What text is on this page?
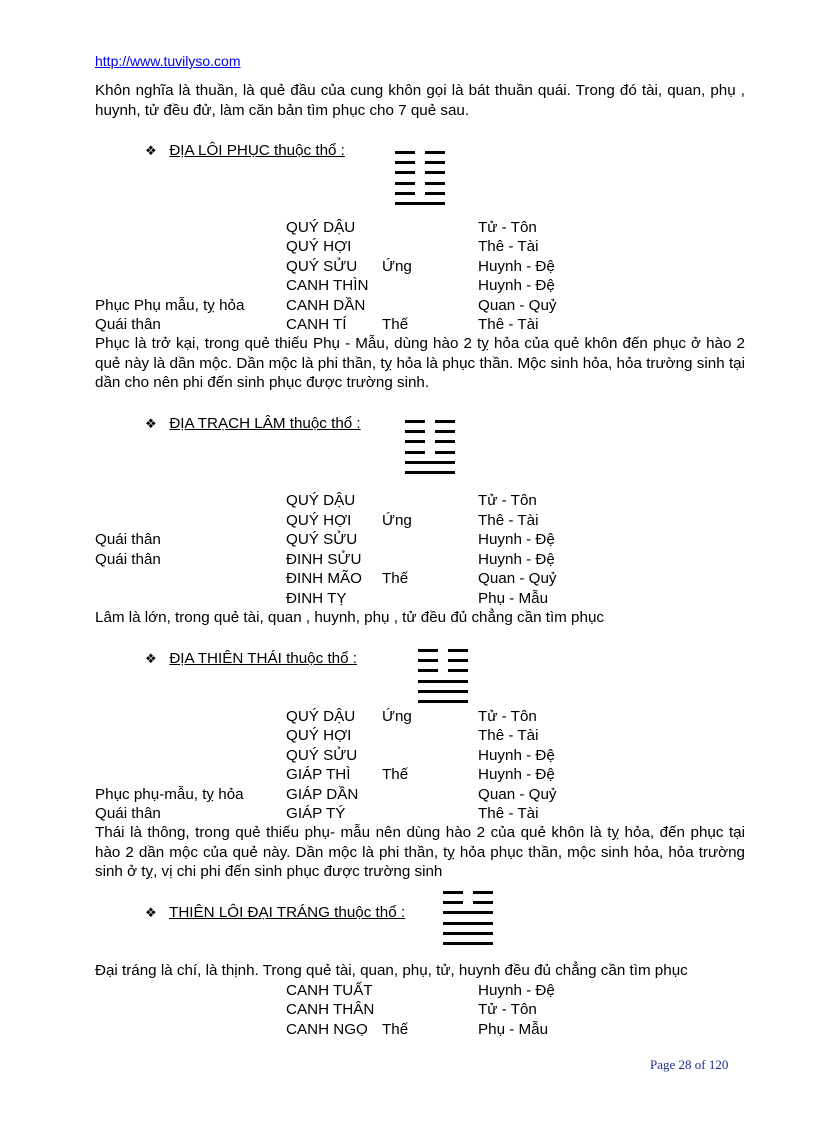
http://www.tuvilyso.com
Khôn nghĩa là thuần, là quẻ đầu của cung khôn gọi là bát thuần quái. Trong đó tài, quan, phụ , huynh, tử đều đử, làm căn bản tìm phục cho 7 quẻ sau.
❖ ĐỊA LÔI PHỤC thuộc thổ :
QUÝ DẬU	Tử - Tôn
QUÝ HỢI	Thê - Tài
QUÝ SỬU Ứng	Huynh - Đệ
CANH THÌN	Huynh - Đệ
Phục Phụ mẫu, tỵ hỏa	CANH DẦN	Quan - Quỷ
Quái thân	CANH TÍ Thế	Thê - Tài
Phục là trở kại, trong quẻ thiếu Phụ - Mẫu, dùng hào 2 tỵ hỏa của quẻ khôn đến phục ở hào 2 quẻ này là dần mộc. Dần mộc là phi thần, tỵ hỏa là phục thần. Mộc sinh hỏa, hỏa trường sinh tại dần cho nên phi đến sinh phục được trường sinh.
❖ ĐỊA TRẠCH LÂM thuộc thổ :
QUÝ DẬU	Tử - Tôn
QUÝ HỢI Ứng	Thê - Tài
Quái thân	QUÝ SỬU	Huynh - Đệ
Quái thân	ĐINH SỬU	Huynh - Đệ
ĐINH MÃO Thế	Quan - Quỷ
ĐINH TỴ	Phụ - Mẫu
Lâm là lớn, trong quẻ tài, quan , huynh, phụ , tử đều đủ chẳng cần tìm phục
❖ ĐỊA THIÊN THÁI thuộc thổ :
QUÝ DẬU Ứng	Tử - Tôn
QUÝ HỢI	Thê - Tài
QUÝ SỬU	Huynh - Đệ
GIÁP THÌ Thế	Huynh - Đệ
Phục phụ-mẫu, tỵ hỏa	GIÁP DẦN	Quan - Quỷ
Quái thân	GIÁP TÝ	Thê - Tài
Thái là thông, trong quẻ thiếu phụ- mẫu nên dùng hào 2 của quẻ khôn là tỵ hỏa, đến phục tại hào 2 dần mộc của quẻ này. Dần mộc là phi thần, tỵ hỏa phục thần, mộc sinh hỏa, hỏa trường sinh ở tỵ, vị chi phi đến sinh phục được trường sinh
❖ THIÊN LÔI ĐẠI TRÁNG thuộc thổ :
Đại tráng là chí, là thịnh. Trong quẻ tài, quan, phụ, tử, huynh đều đủ chẳng cần tìm phục
CANH TUẤT	Huynh - Đệ
CANH THÂN	Tử - Tôn
CANH NGỌ Thế	Phụ - Mẫu
Page 28 of 120
